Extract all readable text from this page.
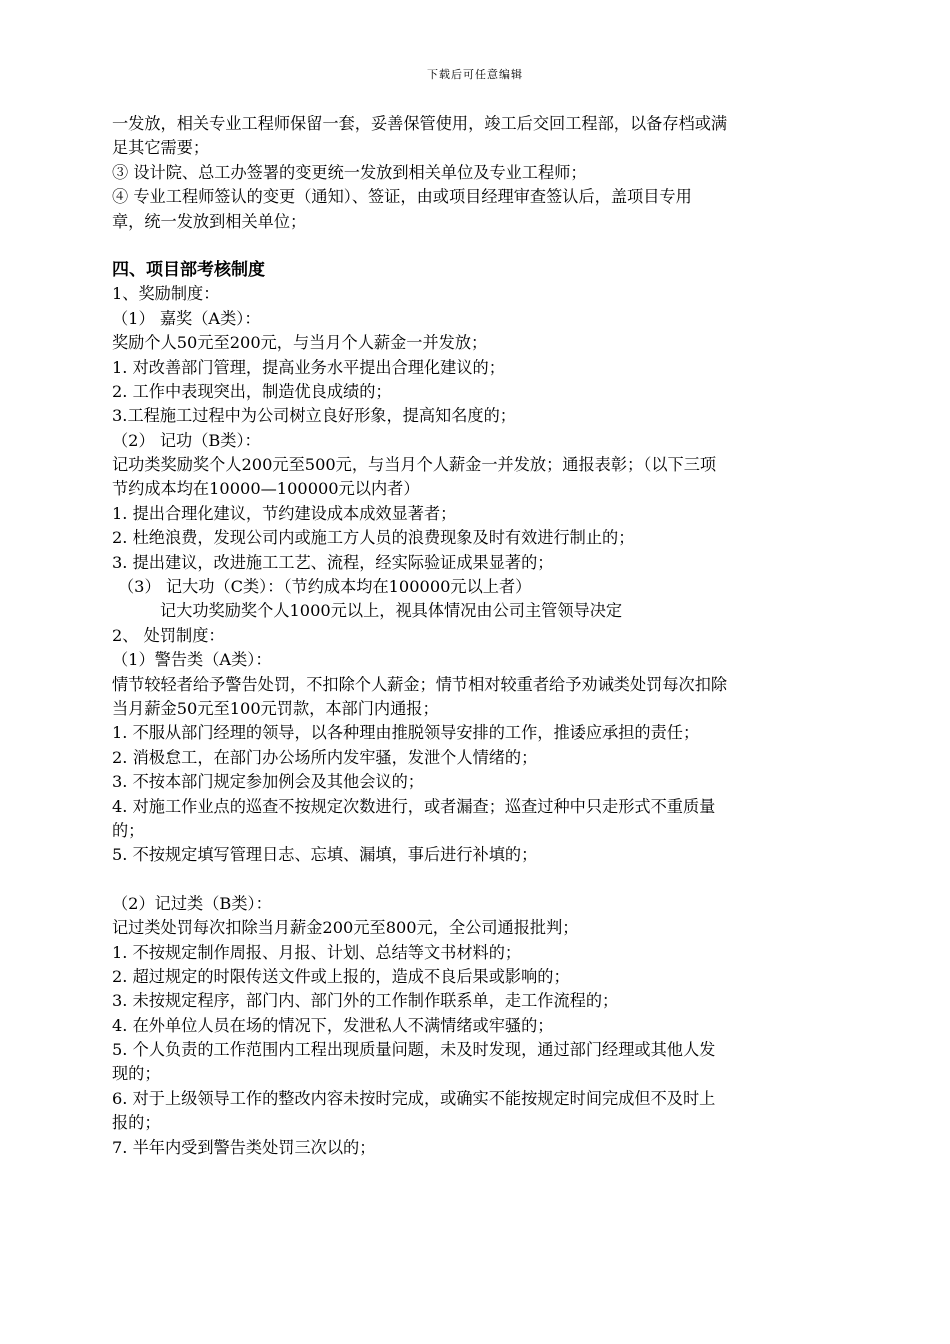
下载后可任意编辑
一发放，相关专业工程师保留一套，妥善保管使用，竣工后交回工程部，以备存档或满
足其它需要；
③ 设计院、总工办签署的变更统一发放到相关单位及专业工程师；
④ 专业工程师签认的变更（通知）、签证，由或项目经理审查签认后，盖项目专用
章，统一发放到相关单位；
四、项目部考核制度
1、奖励制度：
（1） 嘉奖（A类）：
奖励个人50元至200元，与当月个人薪金一并发放；
1. 对改善部门管理，提高业务水平提出合理化建议的；
2. 工作中表现突出，制造优良成绩的；
3.工程施工过程中为公司树立良好形象，提高知名度的；
（2） 记功（B类）：
记功类奖励奖个人200元至500元，与当月个人薪金一并发放；通报表彰；（以下三项
节约成本均在10000—100000元以内者）
1. 提出合理化建议，节约建设成本成效显著者；
2. 杜绝浪费，发现公司内或施工方人员的浪费现象及时有效进行制止的；
3. 提出建议，改进施工工艺、流程，经实际验证成果显著的；
（3） 记大功（C类）：（节约成本均在100000元以上者）
记大功奖励奖个人1000元以上，视具体情况由公司主管领导决定
2、 处罚制度：
（1）警告类（A类）：
情节较轻者给予警告处罚，不扣除个人薪金；情节相对较重者给予劝诫类处罚每次扣除
当月薪金50元至100元罚款，本部门内通报；
1. 不服从部门经理的领导，以各种理由推脱领导安排的工作，推诿应承担的责任；
2. 消极怠工，在部门办公场所内发牢骚，发泄个人情绪的；
3. 不按本部门规定参加例会及其他会议的；
4. 对施工作业点的巡查不按规定次数进行，或者漏查；巡查过种中只走形式不重质量
的；
5. 不按规定填写管理日志、忘填、漏填，事后进行补填的；
（2）记过类（B类）：
记过类处罚每次扣除当月薪金200元至800元，全公司通报批判；
1. 不按规定制作周报、月报、计划、总结等文书材料的；
2. 超过规定的时限传送文件或上报的，造成不良后果或影响的；
3. 未按规定程序，部门内、部门外的工作制作联系单，走工作流程的；
4. 在外单位人员在场的情况下，发泄私人不满情绪或牢骚的；
5. 个人负责的工作范围内工程出现质量问题，未及时发现，通过部门经理或其他人发
现的；
6. 对于上级领导工作的整改内容未按时完成，或确实不能按规定时间完成但不及时上
报的；
7. 半年内受到警告类处罚三次以的；
